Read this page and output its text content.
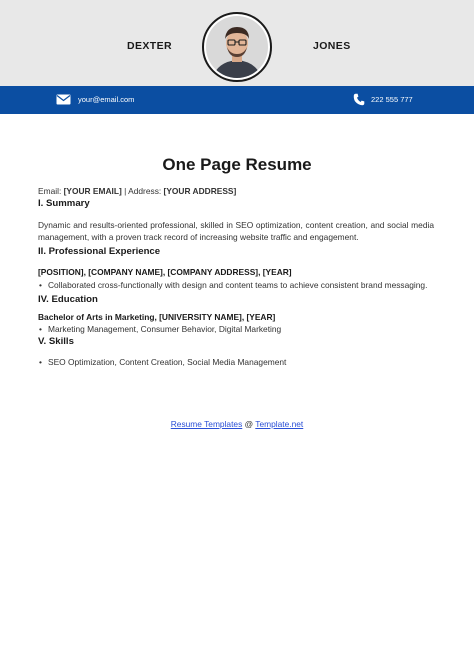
DEXTER	JONES
your@email.com	222 555 777
One Page Resume

Email: [YOUR EMAIL] | Address: [YOUR ADDRESS]

I. Summary

Dynamic and results-oriented professional, skilled in SEO optimization, content creation, and social media management, with a proven track record of increasing website traffic and engagement.

II. Professional Experience

[POSITION], [COMPANY NAME], [COMPANY ADDRESS], [YEAR]

• Collaborated cross-functionally with design and content teams to achieve consistent brand messaging.

IV. Education

Bachelor of Arts in Marketing, [UNIVERSITY NAME], [YEAR]

• Marketing Management, Consumer Behavior, Digital Marketing

V. Skills

• SEO Optimization, Content Creation, Social Media Management
Resume Templates @ Template.net
